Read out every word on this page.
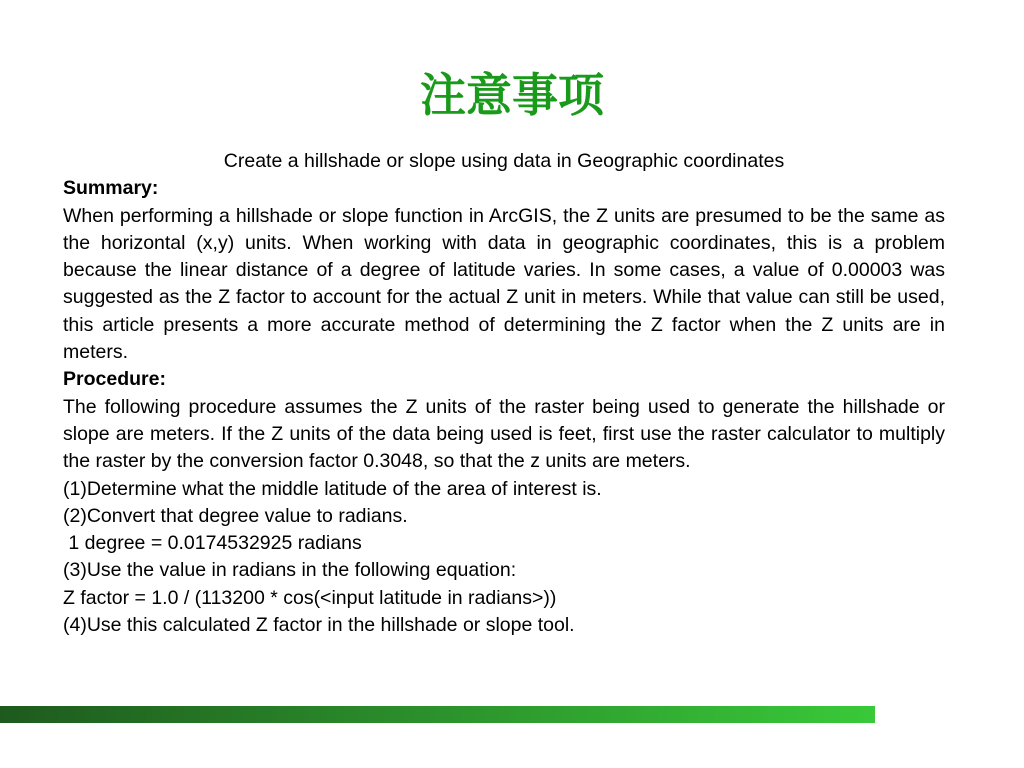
注意事项

Create a hillshade or slope using data in Geographic coordinates

Summary:

When performing a hillshade or slope function in ArcGIS, the Z units are presumed to be the same as the horizontal (x,y) units. When working with data in geographic coordinates, this is a problem because the linear distance of a degree of latitude varies. In some cases, a value of 0.00003 was suggested as the Z factor to account for the actual Z unit in meters. While that value can still be used, this article presents a more accurate method of determining the Z factor when the Z units are in meters.

Procedure:

The following procedure assumes the Z units of the raster being used to generate the hillshade or slope are meters. If the Z units of the data being used is feet, first use the raster calculator to multiply the raster by the conversion factor 0.3048, so that the z units are meters.

(1)Determine what the middle latitude of the area of interest is.

(2)Convert that degree value to radians.

1 degree = 0.0174532925 radians

(3)Use the value in radians in the following equation:

Z factor = 1.0 / (113200 * cos(<input latitude in radians>))

(4)Use this calculated Z factor in the hillshade or slope tool.
